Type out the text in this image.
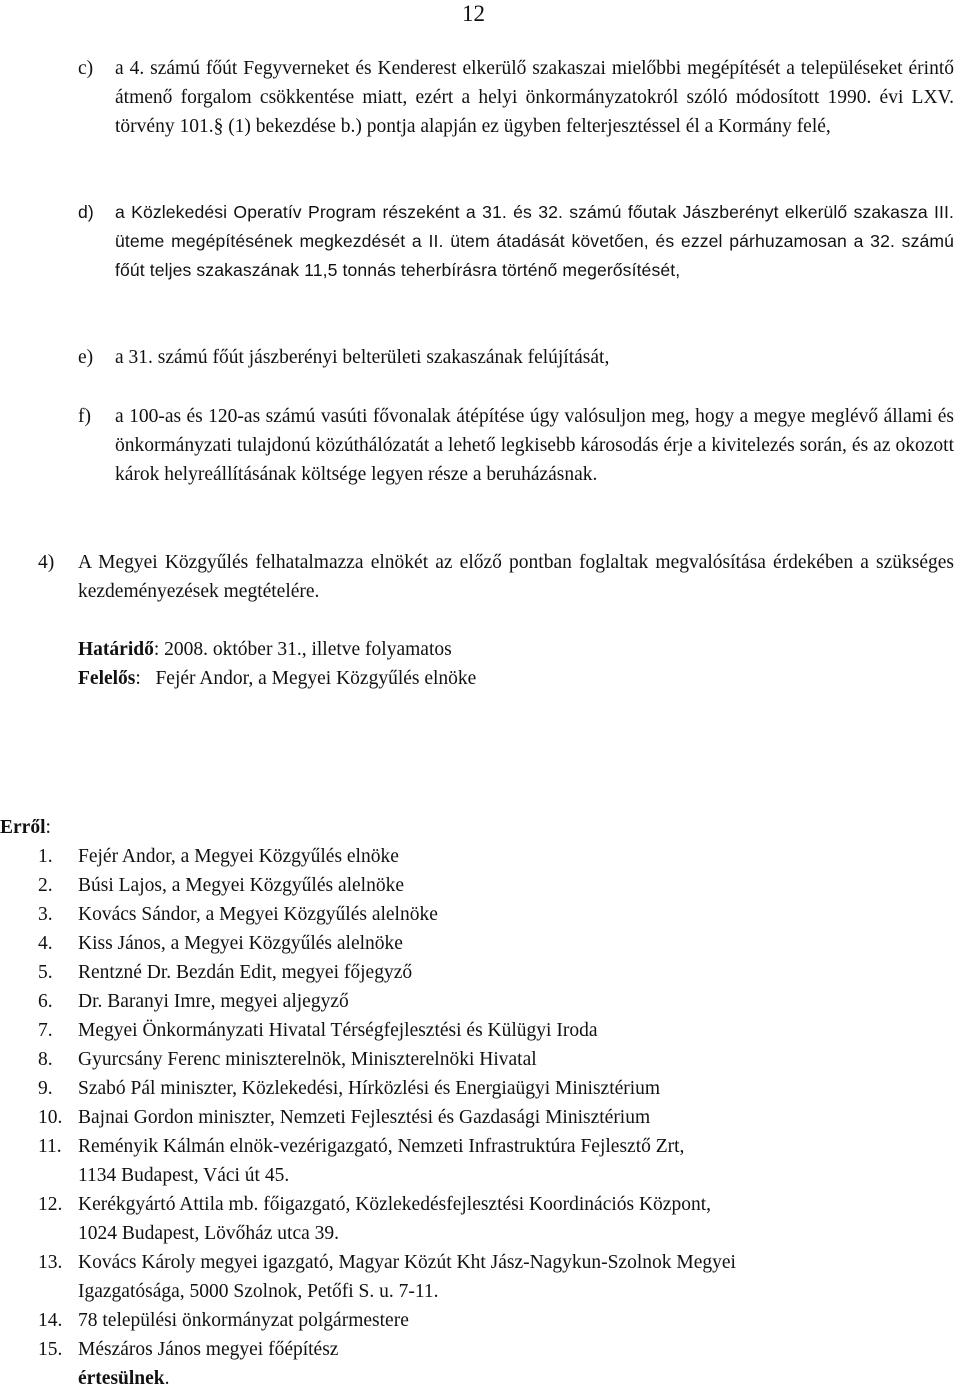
12
c) a 4. számú főút Fegyverneket és Kenderest elkerülő szakaszai mielőbbi megépítését a településeket érintő átmenő forgalom csökkentése miatt, ezért a helyi önkormányzatokról szóló módosított 1990. évi LXV. törvény 101.§ (1) bekezdése b.) pontja alapján ez ügyben felterjesztéssel él a Kormány felé,
d) a Közlekedési Operatív Program részeként a 31. és 32. számú főutak Jászberényt elkerülő szakasza III. üteme megépítésének megkezdését a II. ütem átadását követően, és ezzel párhuzamosan a 32. számú főút teljes szakaszának 11,5 tonnás teherbírásra történő megerősítését,
e) a 31. számú főút jászberényi belterületi szakaszának felújítását,
f) a 100-as és 120-as számú vasúti fővonalak átépítése úgy valósuljon meg, hogy a megye meglévő állami és önkormányzati tulajdonú közúthálózatát a lehető legkisebb károsodás érje a kivitelezés során, és az okozott károk helyreállításának költsége legyen része a beruházásnak.
4) A Megyei Közgyűlés felhatalmazza elnökét az előző pontban foglaltak megvalósítása érdekében a szükséges kezdeményezések megtételére.
Határidő: 2008. október 31., illetve folyamatos
Felelős:   Fejér Andor, a Megyei Közgyűlés elnöke
Erről:
1. Fejér Andor, a Megyei Közgyűlés elnöke
2. Búsi Lajos, a Megyei Közgyűlés alelnöke
3. Kovács Sándor, a Megyei Közgyűlés alelnöke
4. Kiss János, a Megyei Közgyűlés alelnöke
5. Rentzné Dr. Bezdán Edit, megyei főjegyző
6. Dr. Baranyi Imre, megyei aljegyző
7. Megyei Önkormányzati Hivatal Térségfejlesztési és Külügyi Iroda
8. Gyurcsány Ferenc miniszterelnök, Miniszterelnöki Hivatal
9. Szabó Pál miniszter, Közlekedési, Hírközlési és Energiaügyi Minisztérium
10. Bajnai Gordon miniszter, Nemzeti Fejlesztési és Gazdasági Minisztérium
11. Reményik Kálmán elnök-vezérigazgató, Nemzeti Infrastruktúra Fejlesztő Zrt,
1134 Budapest, Váci út 45.
12. Kerékgyártó Attila mb. főigazgató, Közlekedésfejlesztési Koordinációs Központ,
1024 Budapest, Lövőház utca 39.
13. Kovács Károly megyei igazgató, Magyar Közút Kht Jász-Nagykun-Szolnok Megyei
Igazgatósága, 5000 Szolnok, Petőfi S. u. 7-11.
14. 78 települési önkormányzat polgármestere
15. Mészáros János megyei főépítész
értesülnek.
